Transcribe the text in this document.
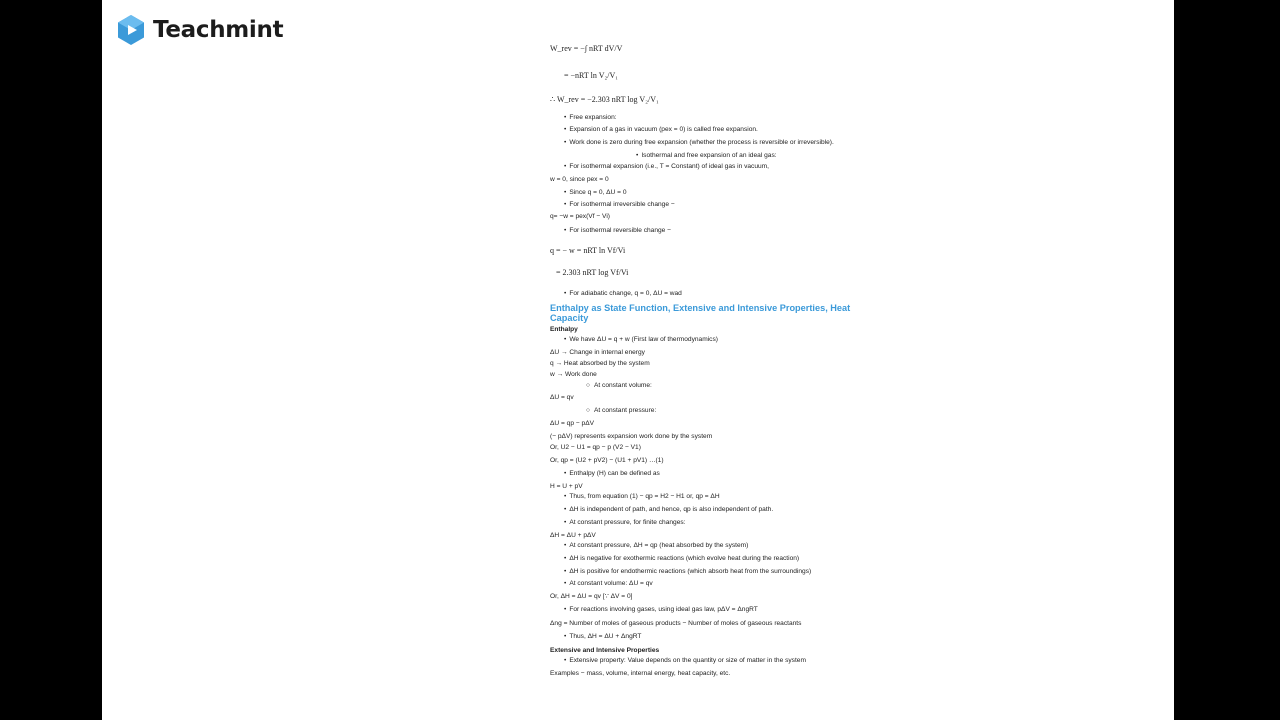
Teachmint
W_rev = −∫ nRT dV/V
= −nRT ln V₂/V₁
∴ W_rev = −2.303 nRT log V₂/V₁
• Free expansion:
• Expansion of a gas in vacuum (pex = 0) is called free expansion.
• Work done is zero during free expansion (whether the process is reversible or irreversible).
• Isothermal and free expansion of an ideal gas:
• For isothermal expansion (i.e., T = Constant) of ideal gas in vacuum,
w = 0, since pex = 0
• Since q = 0, ΔU = 0
• For isothermal irreversible change −
q= −w = pex(Vf − Vi)
• For isothermal reversible change −
q = − w = nRT ln Vf/Vi
= 2.303 nRT log Vf/Vi
• For adiabatic change, q = 0, ΔU = wad
Enthalpy as State Function, Extensive and Intensive Properties, Heat Capacity
Enthalpy
• We have ΔU = q + w (First law of thermodynamics)
ΔU → Change in internal energy
q → Heat absorbed by the system
w → Work done
○ At constant volume:
ΔU = qv
○ At constant pressure:
ΔU = qp − pΔV
(− pΔV) represents expansion work done by the system
Or, U2 − U1 = qp − p (V2 − V1)
Or, qp = (U2 + pV2) − (U1 + pV1) …(1)
• Enthalpy (H) can be defined as
H = U + pV
• Thus, from equation (1) − qp = H2 − H1 or, qp = ΔH
• ΔH is independent of path, and hence, qp is also independent of path.
• At constant pressure, for finite changes:
ΔH = ΔU + pΔV
• At constant pressure, ΔH = qp (heat absorbed by the system)
• ΔH is negative for exothermic reactions (which evolve heat during the reaction)
• ΔH is positive for endothermic reactions (which absorb heat from the surroundings)
• At constant volume: ΔU = qv
Or, ΔH = ΔU = qv [∵ ΔV = 0]
• For reactions involving gases, using ideal gas law, pΔV = ΔngRT
Δng = Number of moles of gaseous products − Number of moles of gaseous reactants
• Thus, ΔH = ΔU + ΔngRT
Extensive and Intensive Properties
• Extensive property: Value depends on the quantity or size of matter in the system
Examples − mass, volume, internal energy, heat capacity, etc.
